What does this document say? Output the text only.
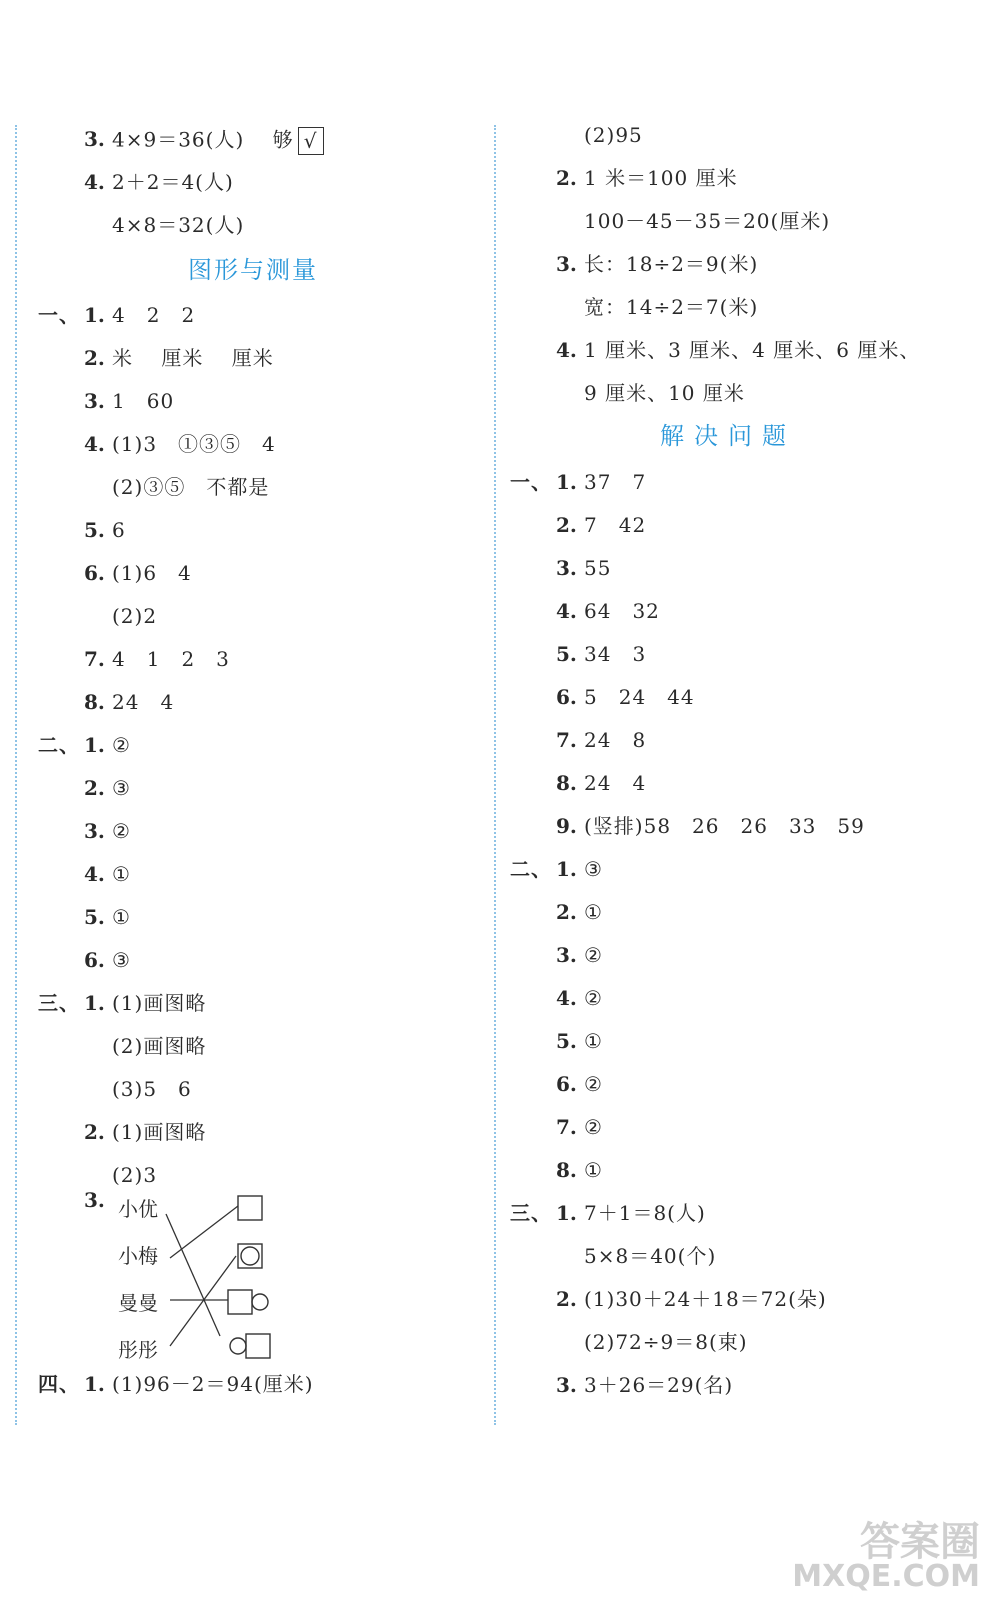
3. 4×9＝36(人)　 够 √
4. 2＋2＝4(人)
4×8＝32(人)
图形与测量
一、 1. 4　2　2
2. 米　 厘米　 厘米
3. 1　60
4. (1)3　①③⑤　4
(2)③⑤　不都是
5. 6
6. (1)6　4
(2)2
7. 4　1　2　3
8. 24　4
二、 1. ②
2. ③
3. ②
4. ①
5. ①
6. ③
三、 1. (1)画图略
(2)画图略
(3)5　6
2. (1)画图略
(2)3
3.
四、 1. (1)96－2＝94(厘米)
(2)95
2. 1 米＝100 厘米
100－45－35＝20(厘米)
3. 长：18÷2＝9(米)
宽：14÷2＝7(米)
4. 1 厘米、3 厘米、4 厘米、6 厘米、
9 厘米、10 厘米
解决问题
一、 1. 37　7
2. 7　42
3. 55
4. 64　32
5. 34　3
6. 5　24　44
7. 24　8
8. 24　4
9. (竖排)58　26　26　33　59
二、 1. ③
2. ①
3. ②
4. ②
5. ①
6. ②
7. ②
8. ①
三、 1. 7＋1＝8(人)
5×8＝40(个)
2. (1)30＋24＋18＝72(朵)
(2)72÷9＝8(束)
3. 3＋26＝29(名)
小优
小梅
曼曼
彤彤
答案圈
MXQE.COM
